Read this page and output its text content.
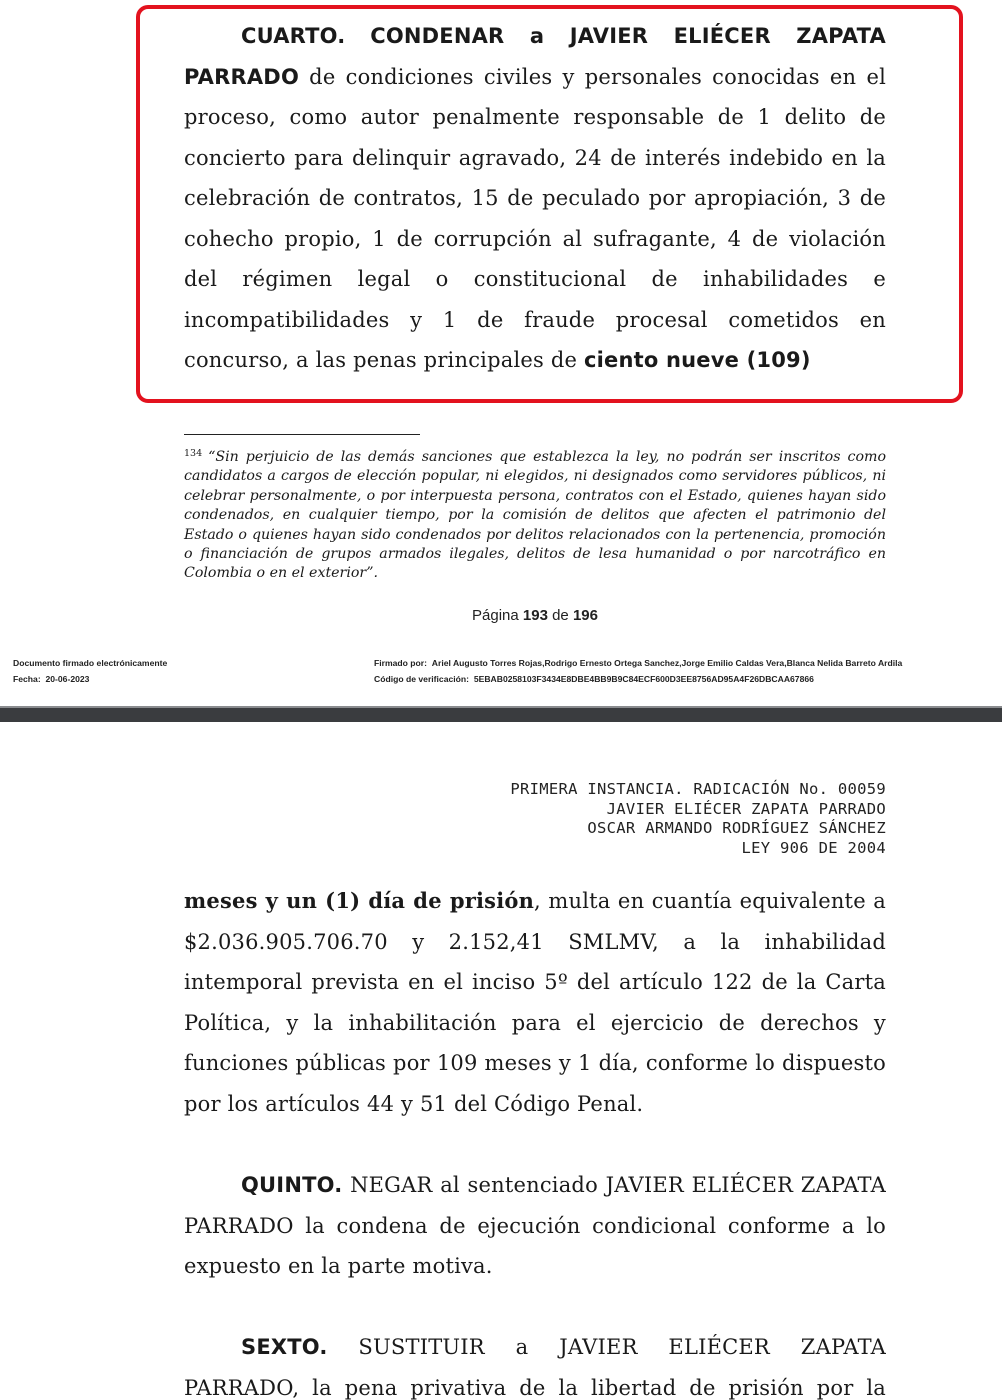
CUARTO. CONDENAR a JAVIER ELIÉCER ZAPATA PARRADO de condiciones civiles y personales conocidas en el proceso, como autor penalmente responsable de 1 delito de concierto para delinquir agravado, 24 de interés indebido en la celebración de contratos, 15 de peculado por apropiación, 3 de cohecho propio, 1 de corrupción al sufragante, 4 de violación del régimen legal o constitucional de inhabilidades e incompatibilidades y 1 de fraude procesal cometidos en concurso, a las penas principales de ciento nueve (109)

$^{134}$ “Sin perjuicio de las demás sanciones que establezca la ley, no podrán ser inscritos como candidatos a cargos de elección popular, ni elegidos, ni designados como servidores públicos, ni celebrar personalmente, o por interpuesta persona, contratos con el Estado, quienes hayan sido condenados, en cualquier tiempo, por la comisión de delitos que afecten el patrimonio del Estado o quienes hayan sido condenados por delitos relacionados con la pertenencia, promoción o financiación de grupos armados ilegales, delitos de lesa humanidad o por narcotráfico en Colombia o en el exterior”.

Página 193 de 196
Documento firmado electrónicamente
Fecha: 20-06-2023
Firmado por: Ariel Augusto Torres Rojas,Rodrigo Ernesto Ortega Sanchez,Jorge Emilio Caldas Vera,Blanca Nelida Barreto Ardila
Código de verificación: 5EBAB0258103F3434E8DBE4BB9B9C84ECF600D3EE8756AD95A4F26DBCAA67866
PRIMERA INSTANCIA. RADICACIÓN No. 00059
JAVIER ELIÉCER ZAPATA PARRADO
OSCAR ARMANDO RODRÍGUEZ SÁNCHEZ
LEY 906 DE 2004

meses y un (1) día de prisión, multa en cuantía equivalente a $2.036.905.706.70 y 2.152,41 SMLMV, a la inhabilidad intemporal prevista en el inciso 5º del artículo 122 de la Carta Política, y la inhabilitación para el ejercicio de derechos y funciones públicas por 109 meses y 1 día, conforme lo dispuesto por los artículos 44 y 51 del Código Penal.

QUINTO. NEGAR al sentenciado JAVIER ELIÉCER ZAPATA PARRADO la condena de ejecución condicional conforme a lo expuesto en la parte motiva.

SEXTO. SUSTITUIR a JAVIER ELIÉCER ZAPATA PARRADO, la pena privativa de la libertad de prisión por la
